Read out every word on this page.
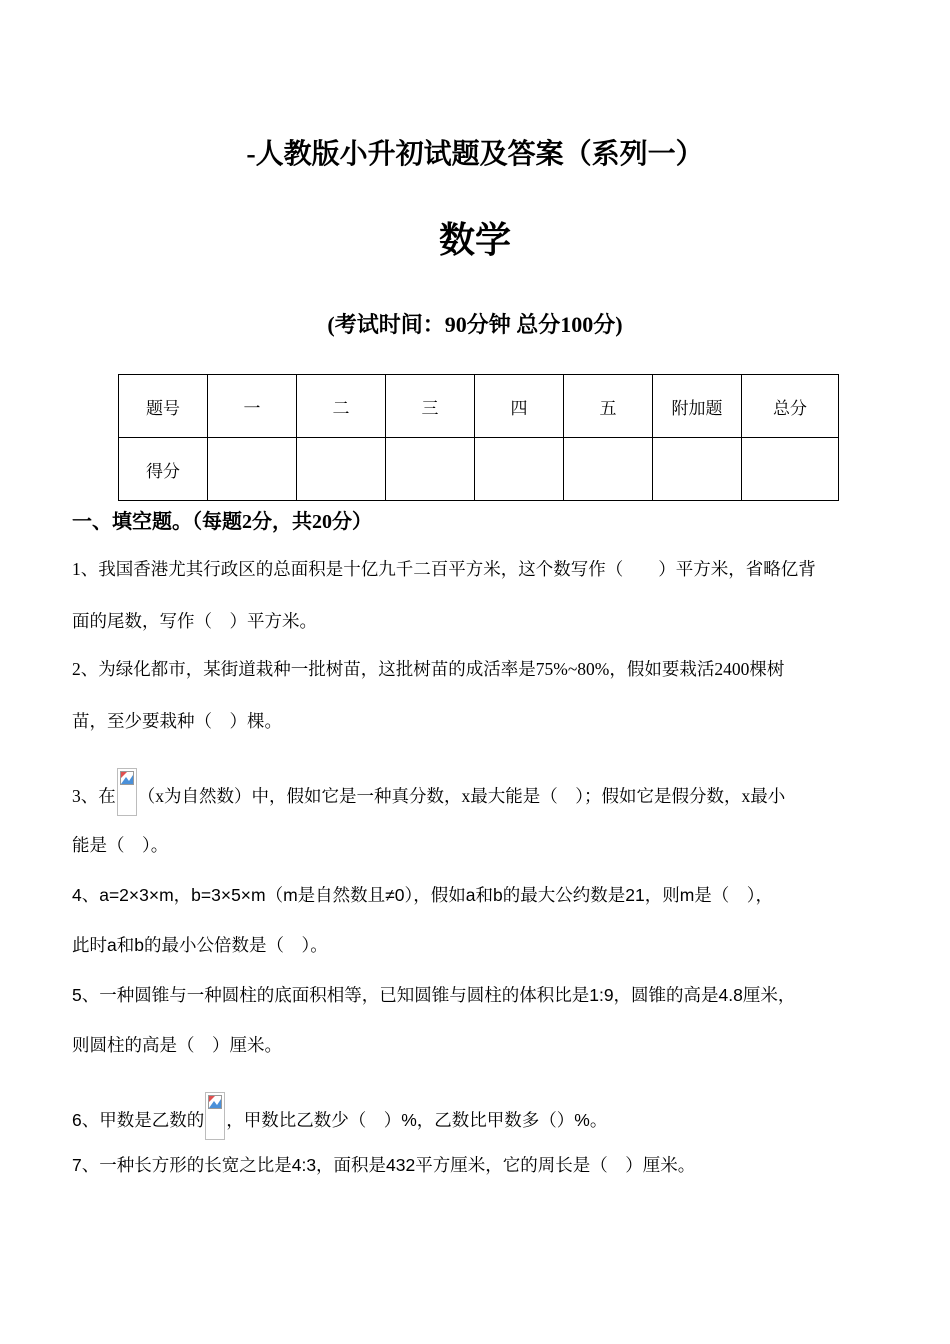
-人教版小升初试题及答案（系列一）
数学
(考试时间：90分钟 总分100分)
题号	一	二	三	四	五	附加题	总分
得分							
一、填空题。（每题2分，共20分）
1、我国香港尤其行政区的总面积是十亿九千二百平方米，这个数写作（　　）平方米，省略亿背
面的尾数，写作（　）平方米。
2、为绿化都市，某街道栽种一批树苗，这批树苗的成活率是75%~80%，假如要栽活2400棵树
苗，至少要栽种（　）棵。
3、在 （x为自然数）中，假如它是一种真分数，x最大能是（　）；假如它是假分数，x最小
能是（　）。
4、a=2×3×m，b=3×5×m（m是自然数且≠0），假如a和b的最大公约数是21，则m是（　），
此时a和b的最小公倍数是（　）。
5、一种圆锥与一种圆柱的底面积相等，已知圆锥与圆柱的体积比是1:9，圆锥的高是4.8厘米，
则圆柱的高是（　）厘米。
6、甲数是乙数的 ，甲数比乙数少（　）%，乙数比甲数多（）%。
7、一种长方形的长宽之比是4:3，面积是432平方厘米，它的周长是（　）厘米。
